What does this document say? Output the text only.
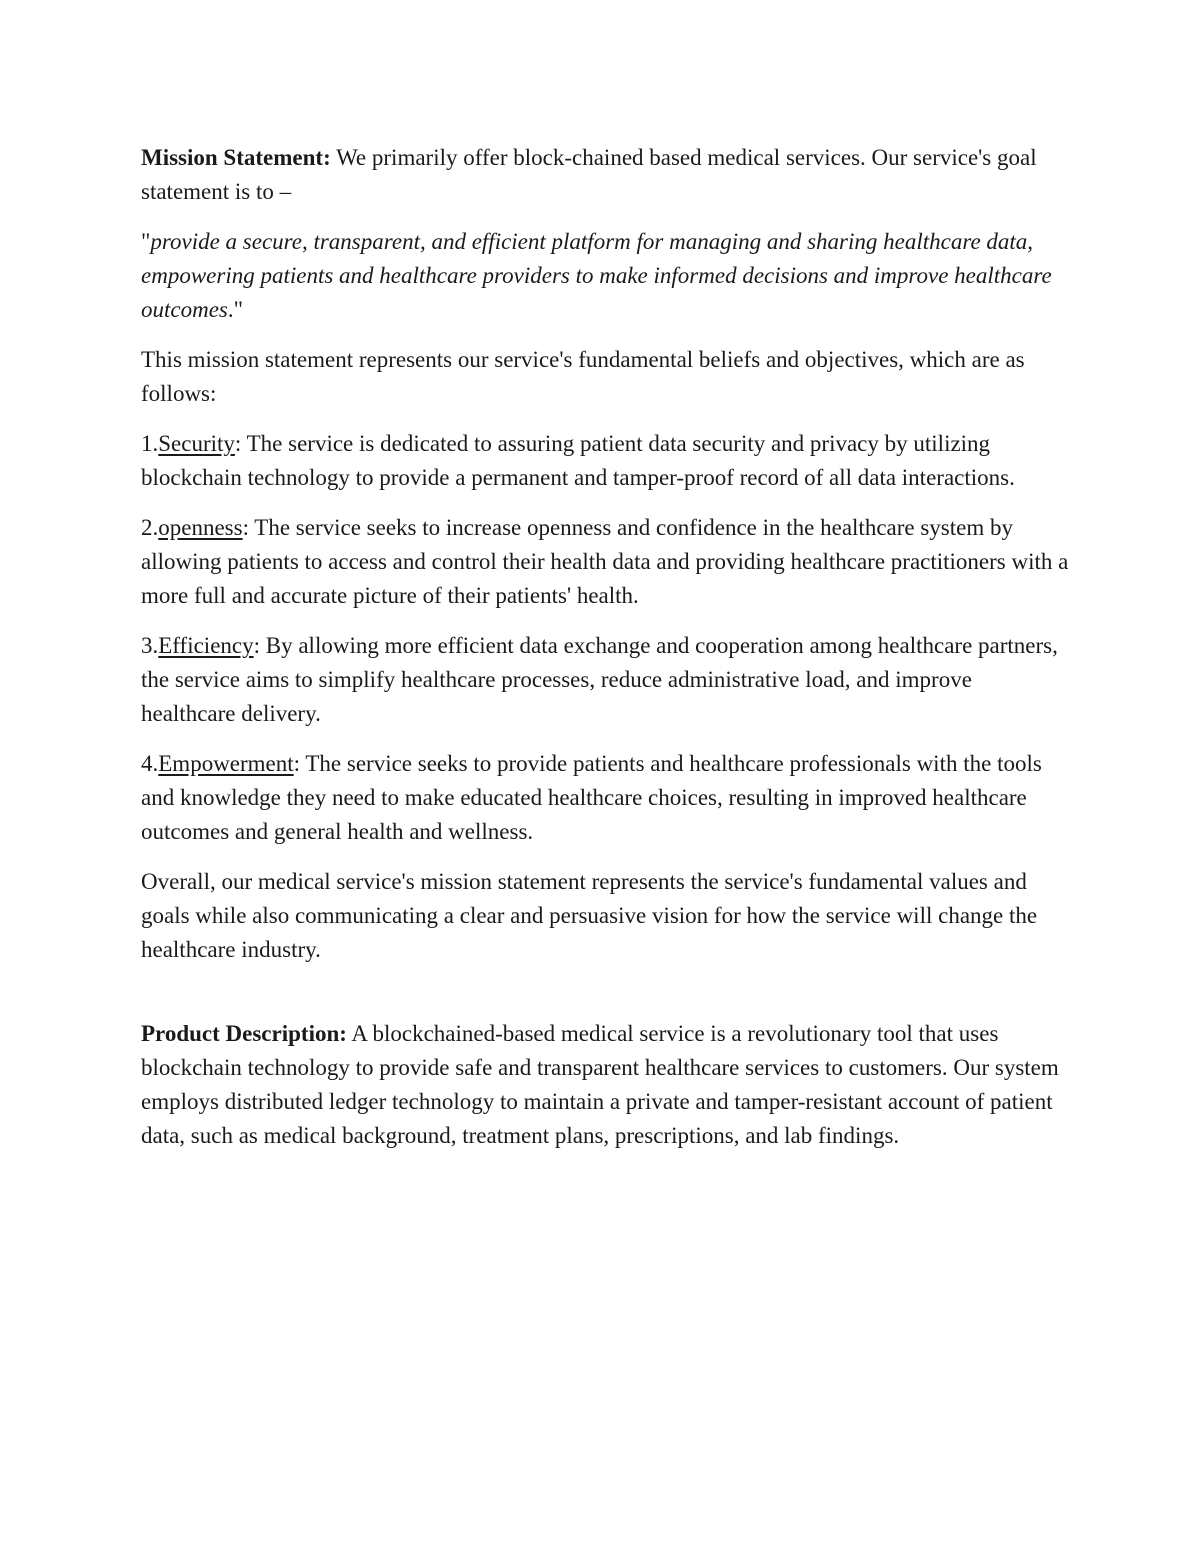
Mission Statement: We primarily offer block-chained based medical services. Our service's goal statement is to –

"provide a secure, transparent, and efficient platform for managing and sharing healthcare data, empowering patients and healthcare providers to make informed decisions and improve healthcare outcomes."

This mission statement represents our service's fundamental beliefs and objectives, which are as follows:

1.Security: The service is dedicated to assuring patient data security and privacy by utilizing blockchain technology to provide a permanent and tamper-proof record of all data interactions.

2.openness: The service seeks to increase openness and confidence in the healthcare system by allowing patients to access and control their health data and providing healthcare practitioners with a more full and accurate picture of their patients' health.

3.Efficiency: By allowing more efficient data exchange and cooperation among healthcare partners, the service aims to simplify healthcare processes, reduce administrative load, and improve healthcare delivery.

4.Empowerment: The service seeks to provide patients and healthcare professionals with the tools and knowledge they need to make educated healthcare choices, resulting in improved healthcare outcomes and general health and wellness.

Overall, our medical service's mission statement represents the service's fundamental values and goals while also communicating a clear and persuasive vision for how the service will change the healthcare industry.

Product Description: A blockchained-based medical service is a revolutionary tool that uses blockchain technology to provide safe and transparent healthcare services to customers. Our system employs distributed ledger technology to maintain a private and tamper-resistant account of patient data, such as medical background, treatment plans, prescriptions, and lab findings.
